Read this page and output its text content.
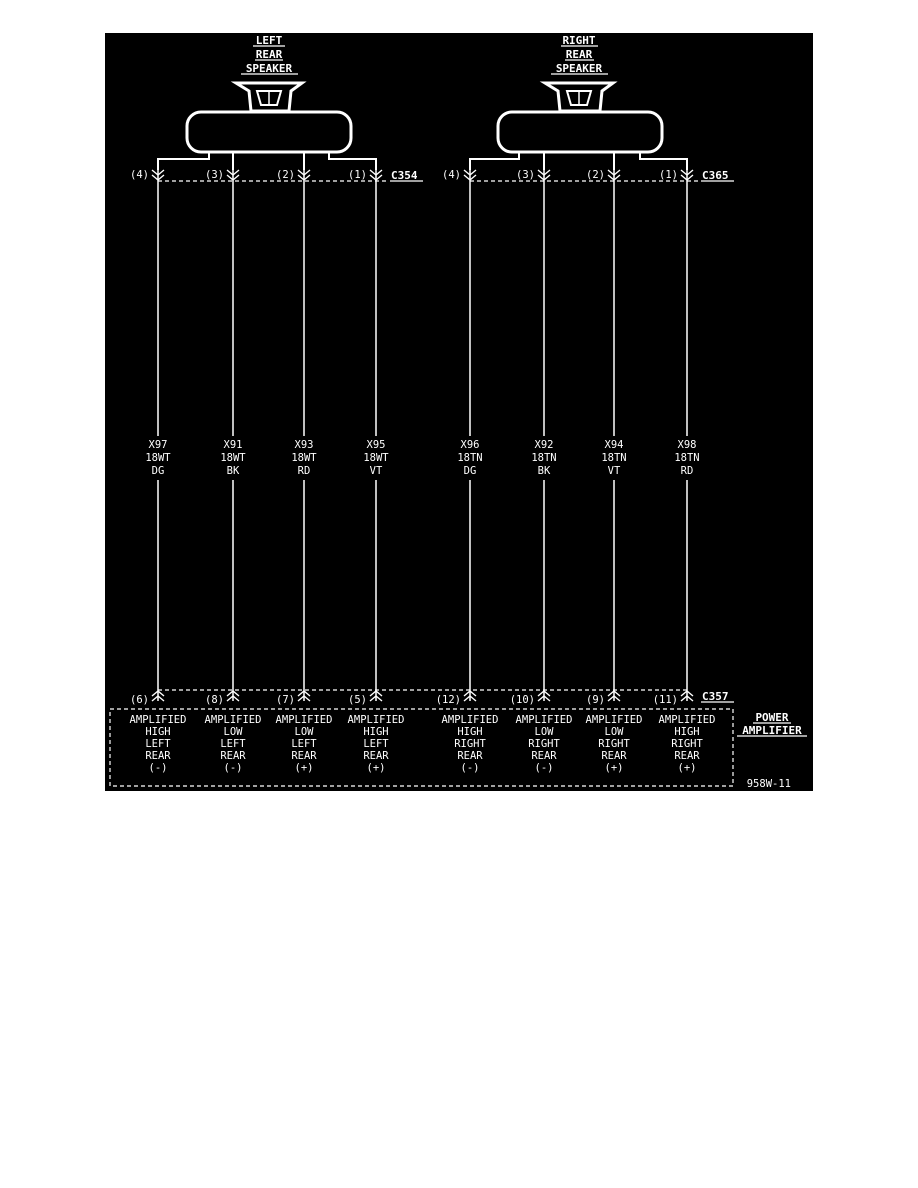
LEFT
REAR
SPEAKER
RIGHT
REAR
SPEAKER
(4)	(3)	(2)	(1) C354 (4)	(3)	(2)	(1) C365
X97
18WT
DG
X91
18WT
BK
X93
18WT
RD
X95
18WT
VT
X96
18TN
DG
X92
18TN
BK
X94
18TN
VT
X98
18TN
RD
(6)	(8)	(7)	(5)	(12)	(10)	(9)	(11) C357
POWER
AMPLIFIER
AMPLIFIED
HIGH
LEFT
REAR
(-)
AMPLIFIED
LOW
LEFT
REAR
(-)
AMPLIFIED
LOW
LEFT
REAR
(+)
AMPLIFIED
HIGH
LEFT
REAR
(+)
AMPLIFIED
HIGH
RIGHT
REAR
(-)
AMPLIFIED
LOW
RIGHT
REAR
(-)
AMPLIFIED
LOW
RIGHT
REAR
(+)
AMPLIFIED
HIGH
RIGHT
REAR
(+)
958W-11
